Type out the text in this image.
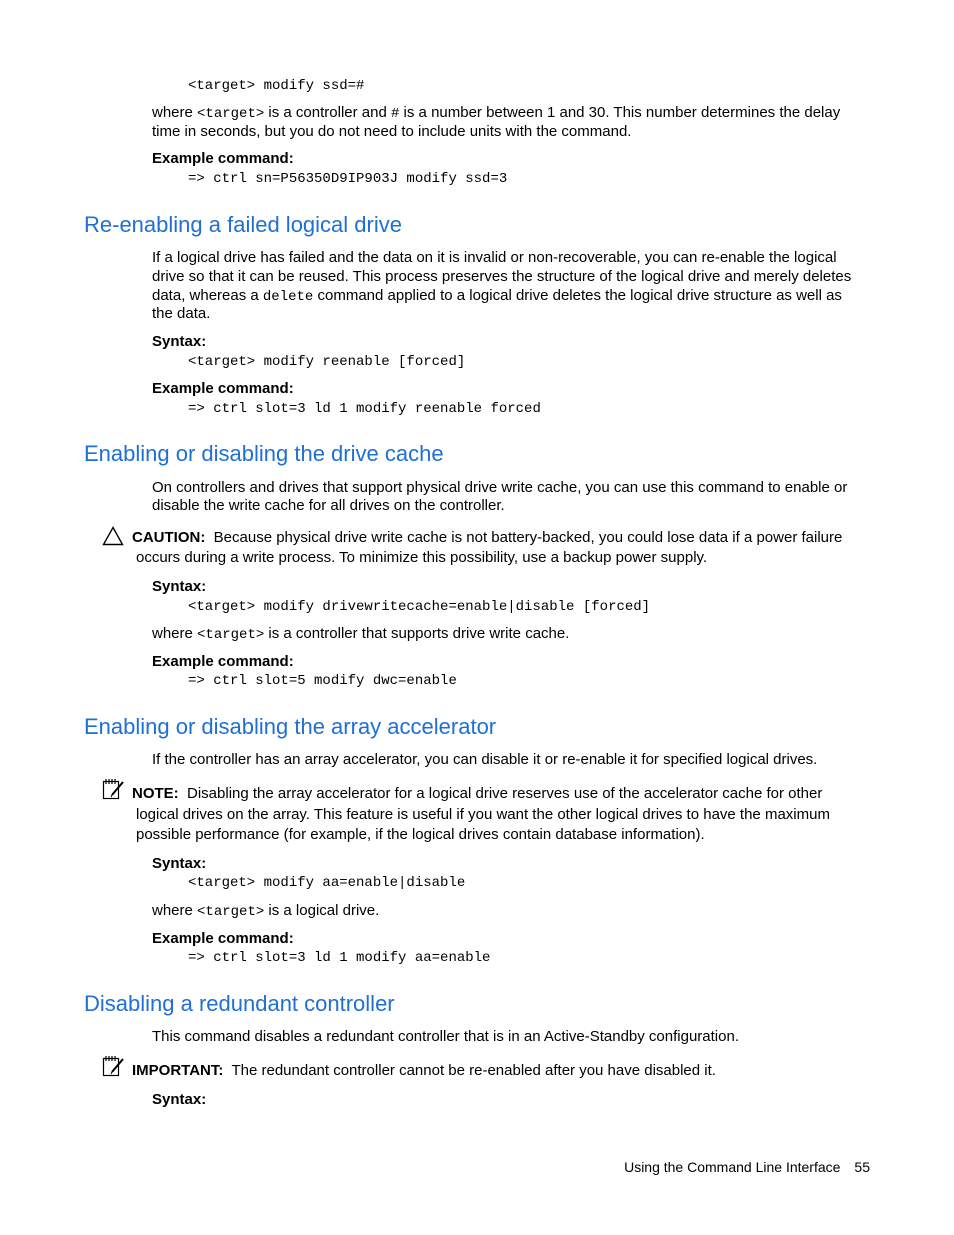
<target> modify ssd=#
where <target> is a controller and # is a number between 1 and 30. This number determines the delay
time in seconds, but you do not need to include units with the command.
Example command:
=> ctrl sn=P56350D9IP903J modify ssd=3
Re-enabling a failed logical drive
If a logical drive has failed and the data on it is invalid or non-recoverable, you can re-enable the logical
drive so that it can be reused. This process preserves the structure of the logical drive and merely deletes
data, whereas a delete command applied to a logical drive deletes the logical drive structure as well as
the data.
Syntax:
<target> modify reenable [forced]
Example command:
=> ctrl slot=3 ld 1 modify reenable forced
Enabling or disabling the drive cache
On controllers and drives that support physical drive write cache, you can use this command to enable or
disable the write cache for all drives on the controller.
CAUTION: Because physical drive write cache is not battery-backed, you could lose data if a power failure
occurs during a write process. To minimize this possibility, use a backup power supply.
Syntax:
<target> modify drivewritecache=enable|disable [forced]
where <target> is a controller that supports drive write cache.
Example command:
=> ctrl slot=5 modify dwc=enable
Enabling or disabling the array accelerator
If the controller has an array accelerator, you can disable it or re-enable it for specified logical drives.
NOTE: Disabling the array accelerator for a logical drive reserves use of the accelerator cache for other
logical drives on the array. This feature is useful if you want the other logical drives to have the maximum
possible performance (for example, if the logical drives contain database information).
Syntax:
<target> modify aa=enable|disable
where <target> is a logical drive.
Example command:
=> ctrl slot=3 ld 1 modify aa=enable
Disabling a redundant controller
This command disables a redundant controller that is in an Active-Standby configuration.
IMPORTANT: The redundant controller cannot be re-enabled after you have disabled it.
Syntax:
Using the Command Line Interface 55
